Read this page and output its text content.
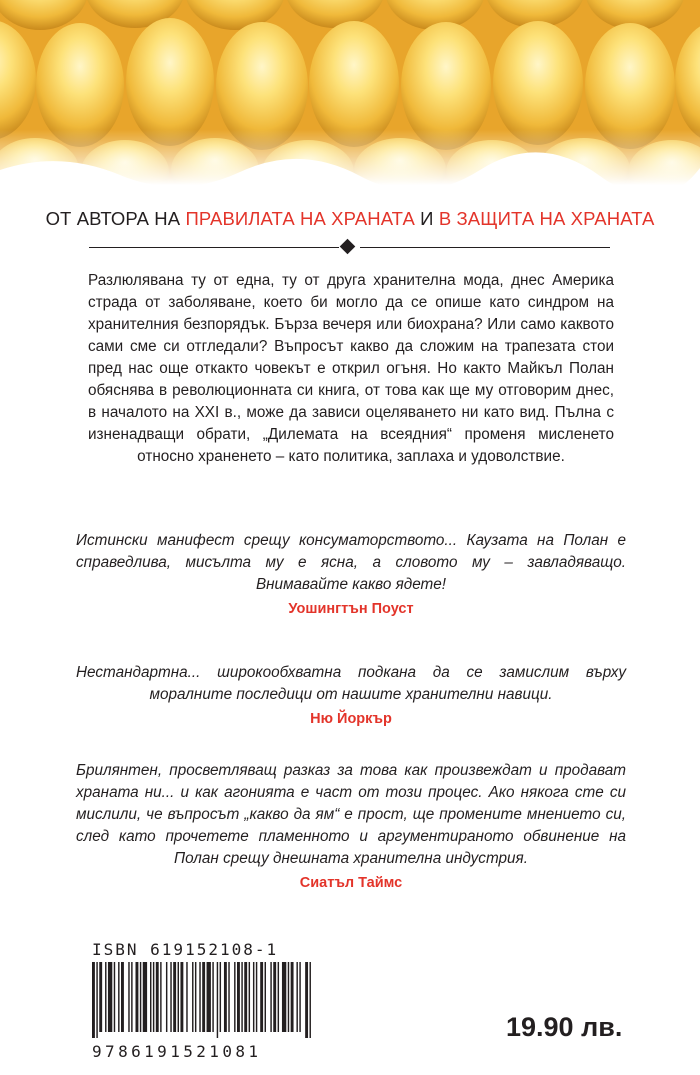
ОТ АВТОРА НА ПРАВИЛАТА НА ХРАНАТА И В ЗАЩИТА НА ХРАНАТА

Разлюлявана ту от една, ту от друга хранителна мода, днес Америка страда от заболяване, което би могло да се опише като синдром на хранителния безпорядък. Бърза вечеря или биохрана? Или само каквото сами сме си отгледали? Въпросът какво да сложим на трапезата стои пред нас още откакто човекът е открил огъня. Но както Майкъл Полан обяснява в революционната си книга, от това как ще му отговорим днес, в началото на XXI в., може да зависи оцеляването ни като вид. Пълна с изненадващи обрати, „Дилемата на всеядния“ променя мисленето относно храненето – като политика, заплаха и удоволствие.

Истински манифест срещу консуматорството... Каузата на Полан е справедлива, мисълта му е ясна, а словото му – завладяващо. Внимавайте какво ядете!
Уошингтън Поуст
Нестандартна... широкообхватна подкана да се замислим върху моралните последици от нашите хранителни навици.
Ню Йоркър
Брилянтен, просветляващ разказ за това как произвеждат и продават храната ни... и как агонията е част от този процес. Ако някога сте си мислили, че въпросът „какво да ям“ е прост, ще промените мнението си, след като прочетете пламенното и аргументираното обвинение на Полан срещу днешната хранителна индустрия.
Сиатъл Таймс
ISBN 619152108-1
9786191521081
19.90 лв.
